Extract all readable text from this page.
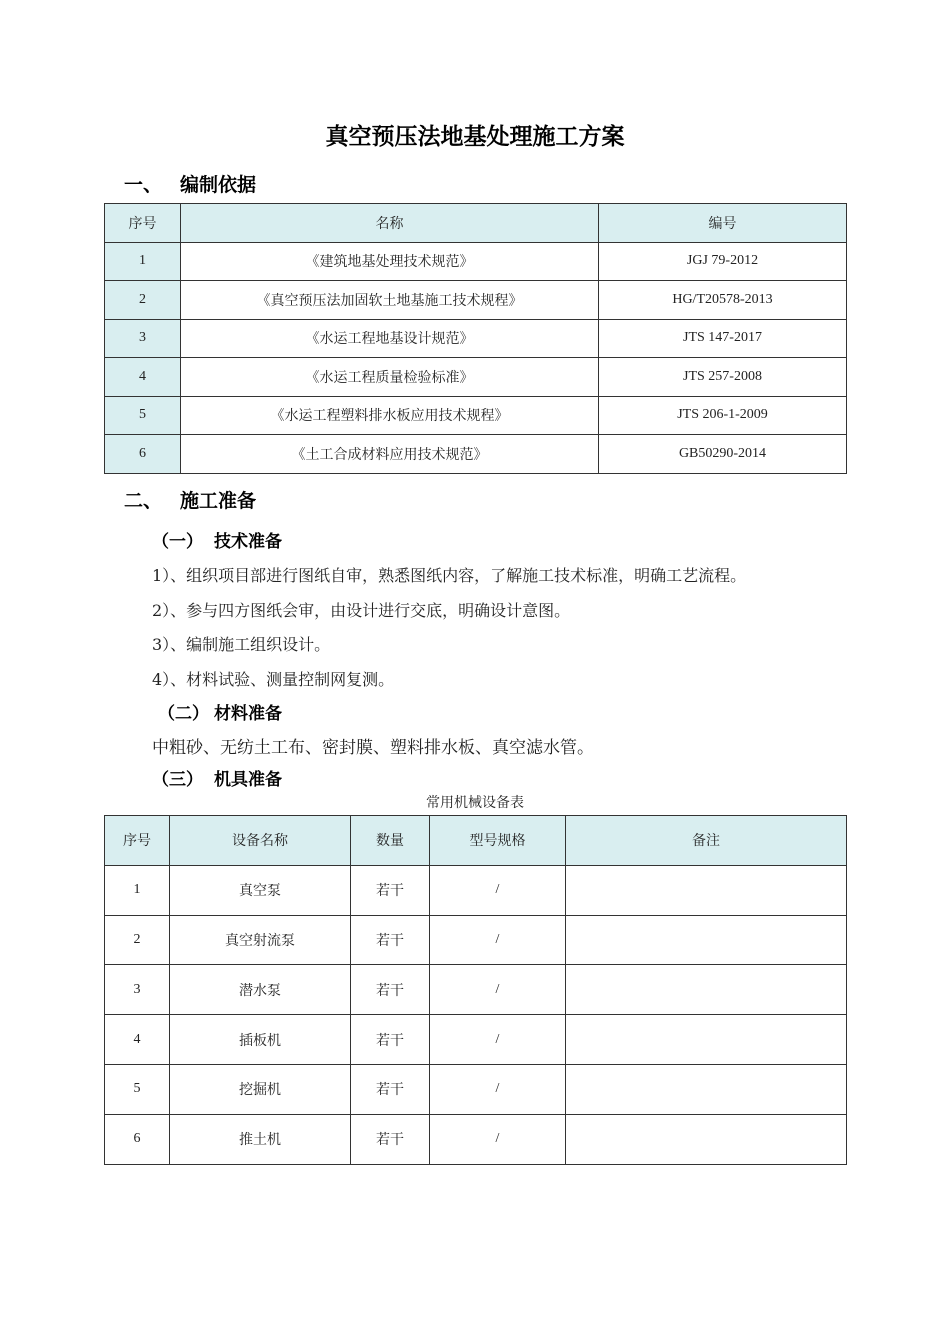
真空预压法地基处理施工方案
一、 编制依据
序号	名称	编号
1	《建筑地基处理技术规范》	JGJ 79-2012
2	《真空预压法加固软土地基施工技术规程》	HG/T20578-2013
3	《水运工程地基设计规范》	JTS 147-2017
4	《水运工程质量检验标准》	JTS 257-2008
5	《水运工程塑料排水板应用技术规程》	JTS 206-1-2009
6	《土工合成材料应用技术规范》	GB50290-2014
二、 施工准备
（一） 技术准备
1）、组织项目部进行图纸自审，熟悉图纸内容，了解施工技术标准，明确工艺流程。
2）、参与四方图纸会审，由设计进行交底，明确设计意图。
3）、编制施工组织设计。
4）、材料试验、测量控制网复测。
（二） 材料准备
中粗砂、无纺土工布、密封膜、塑料排水板、真空滤水管。
（三） 机具准备
常用机械设备表
序号	设备名称	数量	型号规格	备注
1	真空泵	若干	/	
2	真空射流泵	若干	/	
3	潜水泵	若干	/	
4	插板机	若干	/	
5	挖掘机	若干	/	
6	推土机	若干	/	
